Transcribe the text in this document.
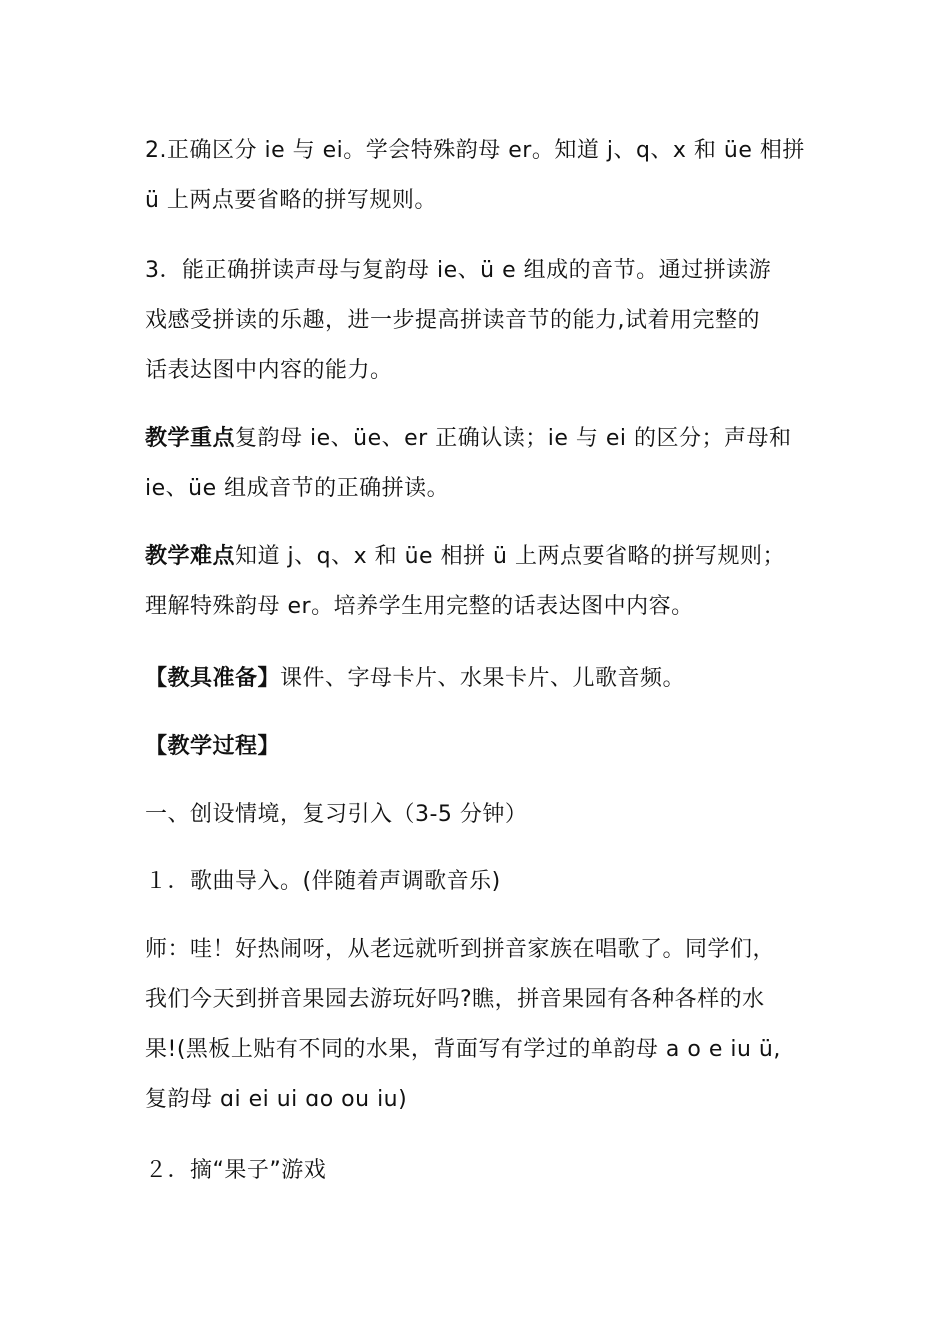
2.正确区分 ie 与 ei。学会特殊韵母 er。知道 j、q、x 和 üe 相拼
ü 上两点要省略的拼写规则。
3．能正确拼读声母与复韵母 ie、ü e 组成的音节。通过拼读游
戏感受拼读的乐趣，进一步提高拼读音节的能力,试着用完整的
话表达图中内容的能力。
教学重点复韵母 ie、üe、er 正确认读；ie 与 ei 的区分；声母和
ie、üe 组成音节的正确拼读。
教学难点知道 j、q、x 和 üe 相拼 ü 上两点要省略的拼写规则；
理解特殊韵母 er。培养学生用完整的话表达图中内容。
【教具准备】课件、字母卡片、水果卡片、儿歌音频。
【教学过程】
一、创设情境，复习引入（3-5 分钟）
１．歌曲导入。(伴随着声调歌音乐)
师：哇！好热闹呀，从老远就听到拼音家族在唱歌了。同学们，
我们今天到拼音果园去游玩好吗?瞧，拼音果园有各种各样的水
果!(黑板上贴有不同的水果，背面写有学过的单韵母 a o e iu ü,
复韵母 ɑi ei ui ɑo ou iu)
２．摘“果子”游戏
